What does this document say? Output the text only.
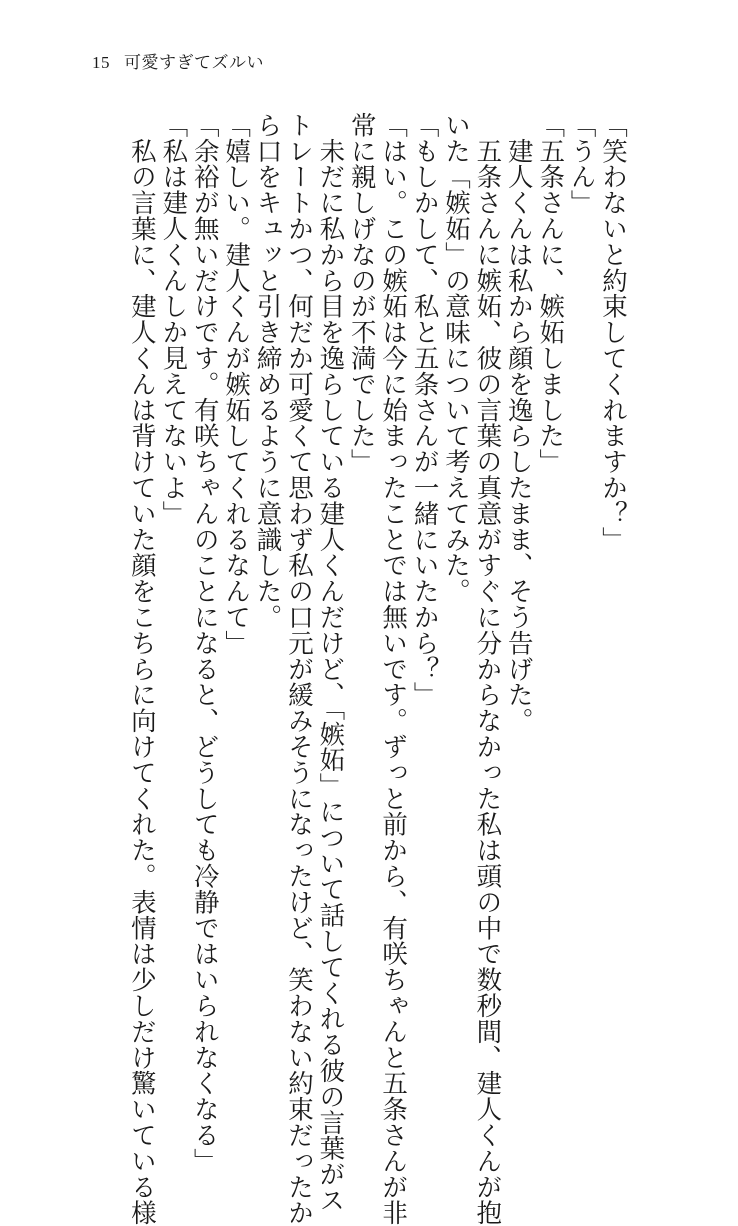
15 可愛すぎてズルい
「笑わないと約束してくれますか？」
「うん」
「五条さんに、嫉妬しました」
　建人くんは私から顔を逸らしたまま、そう告げた。
　五条さんに嫉妬、彼の言葉の真意がすぐに分からなかった私は頭の中で数秒間、建人くんが抱
いた「嫉妬」の意味について考えてみた。
「もしかして、私と五条さんが一緒にいたから？」
「はい。この嫉妬は今に始まったことでは無いです。ずっと前から、有咲ちゃんと五条さんが非
常に親しげなのが不満でした」
　未だに私から目を逸らしている建人くんだけど、「嫉妬」について話してくれる彼の言葉がス
トレートかつ、何だか可愛くて思わず私の口元が緩みそうになったけど、笑わない約束だったか
ら口をキュッと引き締めるように意識した。
「嬉しい。建人くんが嫉妬してくれるなんて」
「余裕が無いだけです。有咲ちゃんのことになると、どうしても冷静ではいられなくなる」
「私は建人くんしか見えてないよ」
　私の言葉に、建人くんは背けていた顔をこちらに向けてくれた。表情は少しだけ驚いている様
